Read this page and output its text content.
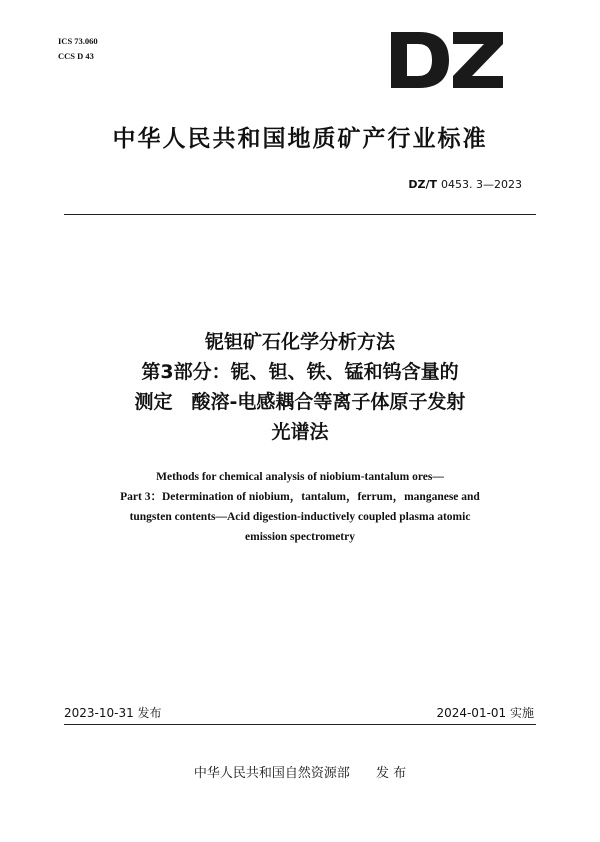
ICS 73.060
CCS D 43
中华人民共和国地质矿产行业标准
DZ/T 0453. 3—2023
铌钽矿石化学分析方法
第3部分：铌、钽、铁、锰和钨含量的
测定　酸溶-电感耦合等离子体原子发射
光谱法
Methods for chemical analysis of niobium-tantalum ores—
Part 3：Determination of niobium，tantalum，ferrum，manganese and
tungsten contents—Acid digestion-inductively coupled plasma atomic
emission spectrometry
2023-10-31 发布	2024-01-01 实施
中华人民共和国自然资源部 发 布
